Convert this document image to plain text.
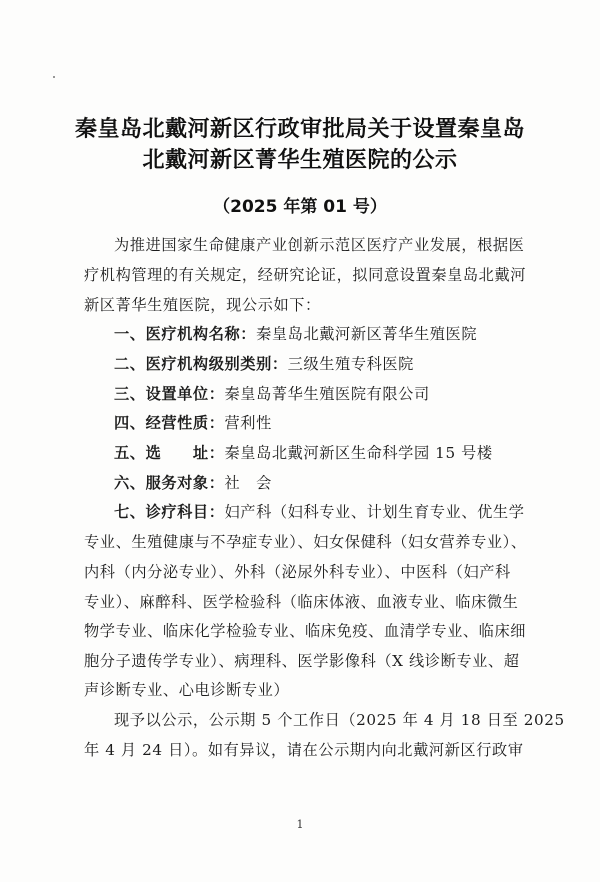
秦皇岛北戴河新区行政审批局关于设置秦皇岛
北戴河新区菁华生殖医院的公示
（2025 年第 01 号）
为推进国家生命健康产业创新示范区医疗产业发展，根据医
疗机构管理的有关规定，经研究论证，拟同意设置秦皇岛北戴河
新区菁华生殖医院，现公示如下：
一、医疗机构名称：秦皇岛北戴河新区菁华生殖医院
二、医疗机构级别类别：三级生殖专科医院
三、设置单位：秦皇岛菁华生殖医院有限公司
四、经营性质：营利性
五、选　　址：秦皇岛北戴河新区生命科学园 15 号楼
六、服务对象：社　会
七、诊疗科目：妇产科（妇科专业、计划生育专业、优生学
专业、生殖健康与不孕症专业）、妇女保健科（妇女营养专业）、
内科（内分泌专业）、外科（泌尿外科专业）、中医科（妇产科
专业）、麻醉科、医学检验科（临床体液、血液专业、临床微生
物学专业、临床化学检验专业、临床免疫、血清学专业、临床细
胞分子遗传学专业）、病理科、医学影像科（X 线诊断专业、超
声诊断专业、心电诊断专业）
现予以公示，公示期 5 个工作日（2025 年 4 月 18 日至 2025
年 4 月 24 日）。如有异议，请在公示期内向北戴河新区行政审
1
